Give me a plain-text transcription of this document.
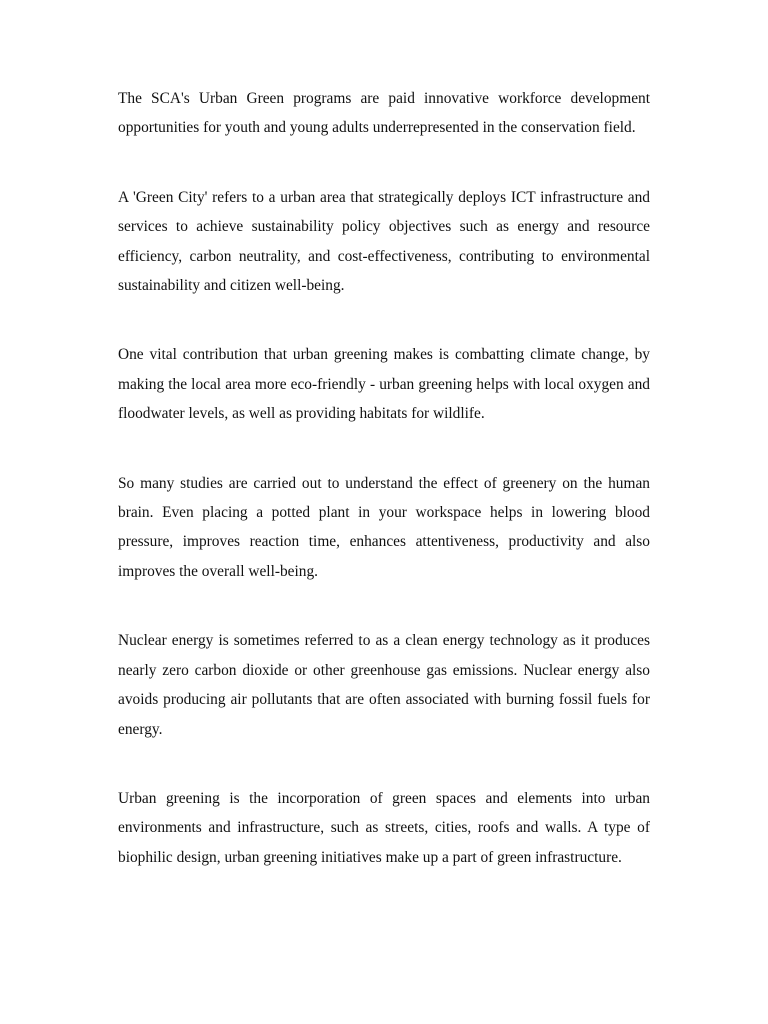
The SCA's Urban Green programs are paid innovative workforce development opportunities for youth and young adults underrepresented in the conservation field.

A 'Green City' refers to a urban area that strategically deploys ICT infrastructure and services to achieve sustainability policy objectives such as energy and resource efficiency, carbon neutrality, and cost-effectiveness, contributing to environmental sustainability and citizen well-being.

One vital contribution that urban greening makes is combatting climate change, by making the local area more eco-friendly - urban greening helps with local oxygen and floodwater levels, as well as providing habitats for wildlife.

So many studies are carried out to understand the effect of greenery on the human brain. Even placing a potted plant in your workspace helps in lowering blood pressure, improves reaction time, enhances attentiveness, productivity and also improves the overall well-being.

Nuclear energy is sometimes referred to as a clean energy technology as it produces nearly zero carbon dioxide or other greenhouse gas emissions. Nuclear energy also avoids producing air pollutants that are often associated with burning fossil fuels for energy.

Urban greening is the incorporation of green spaces and elements into urban environments and infrastructure, such as streets, cities, roofs and walls. A type of biophilic design, urban greening initiatives make up a part of green infrastructure.
